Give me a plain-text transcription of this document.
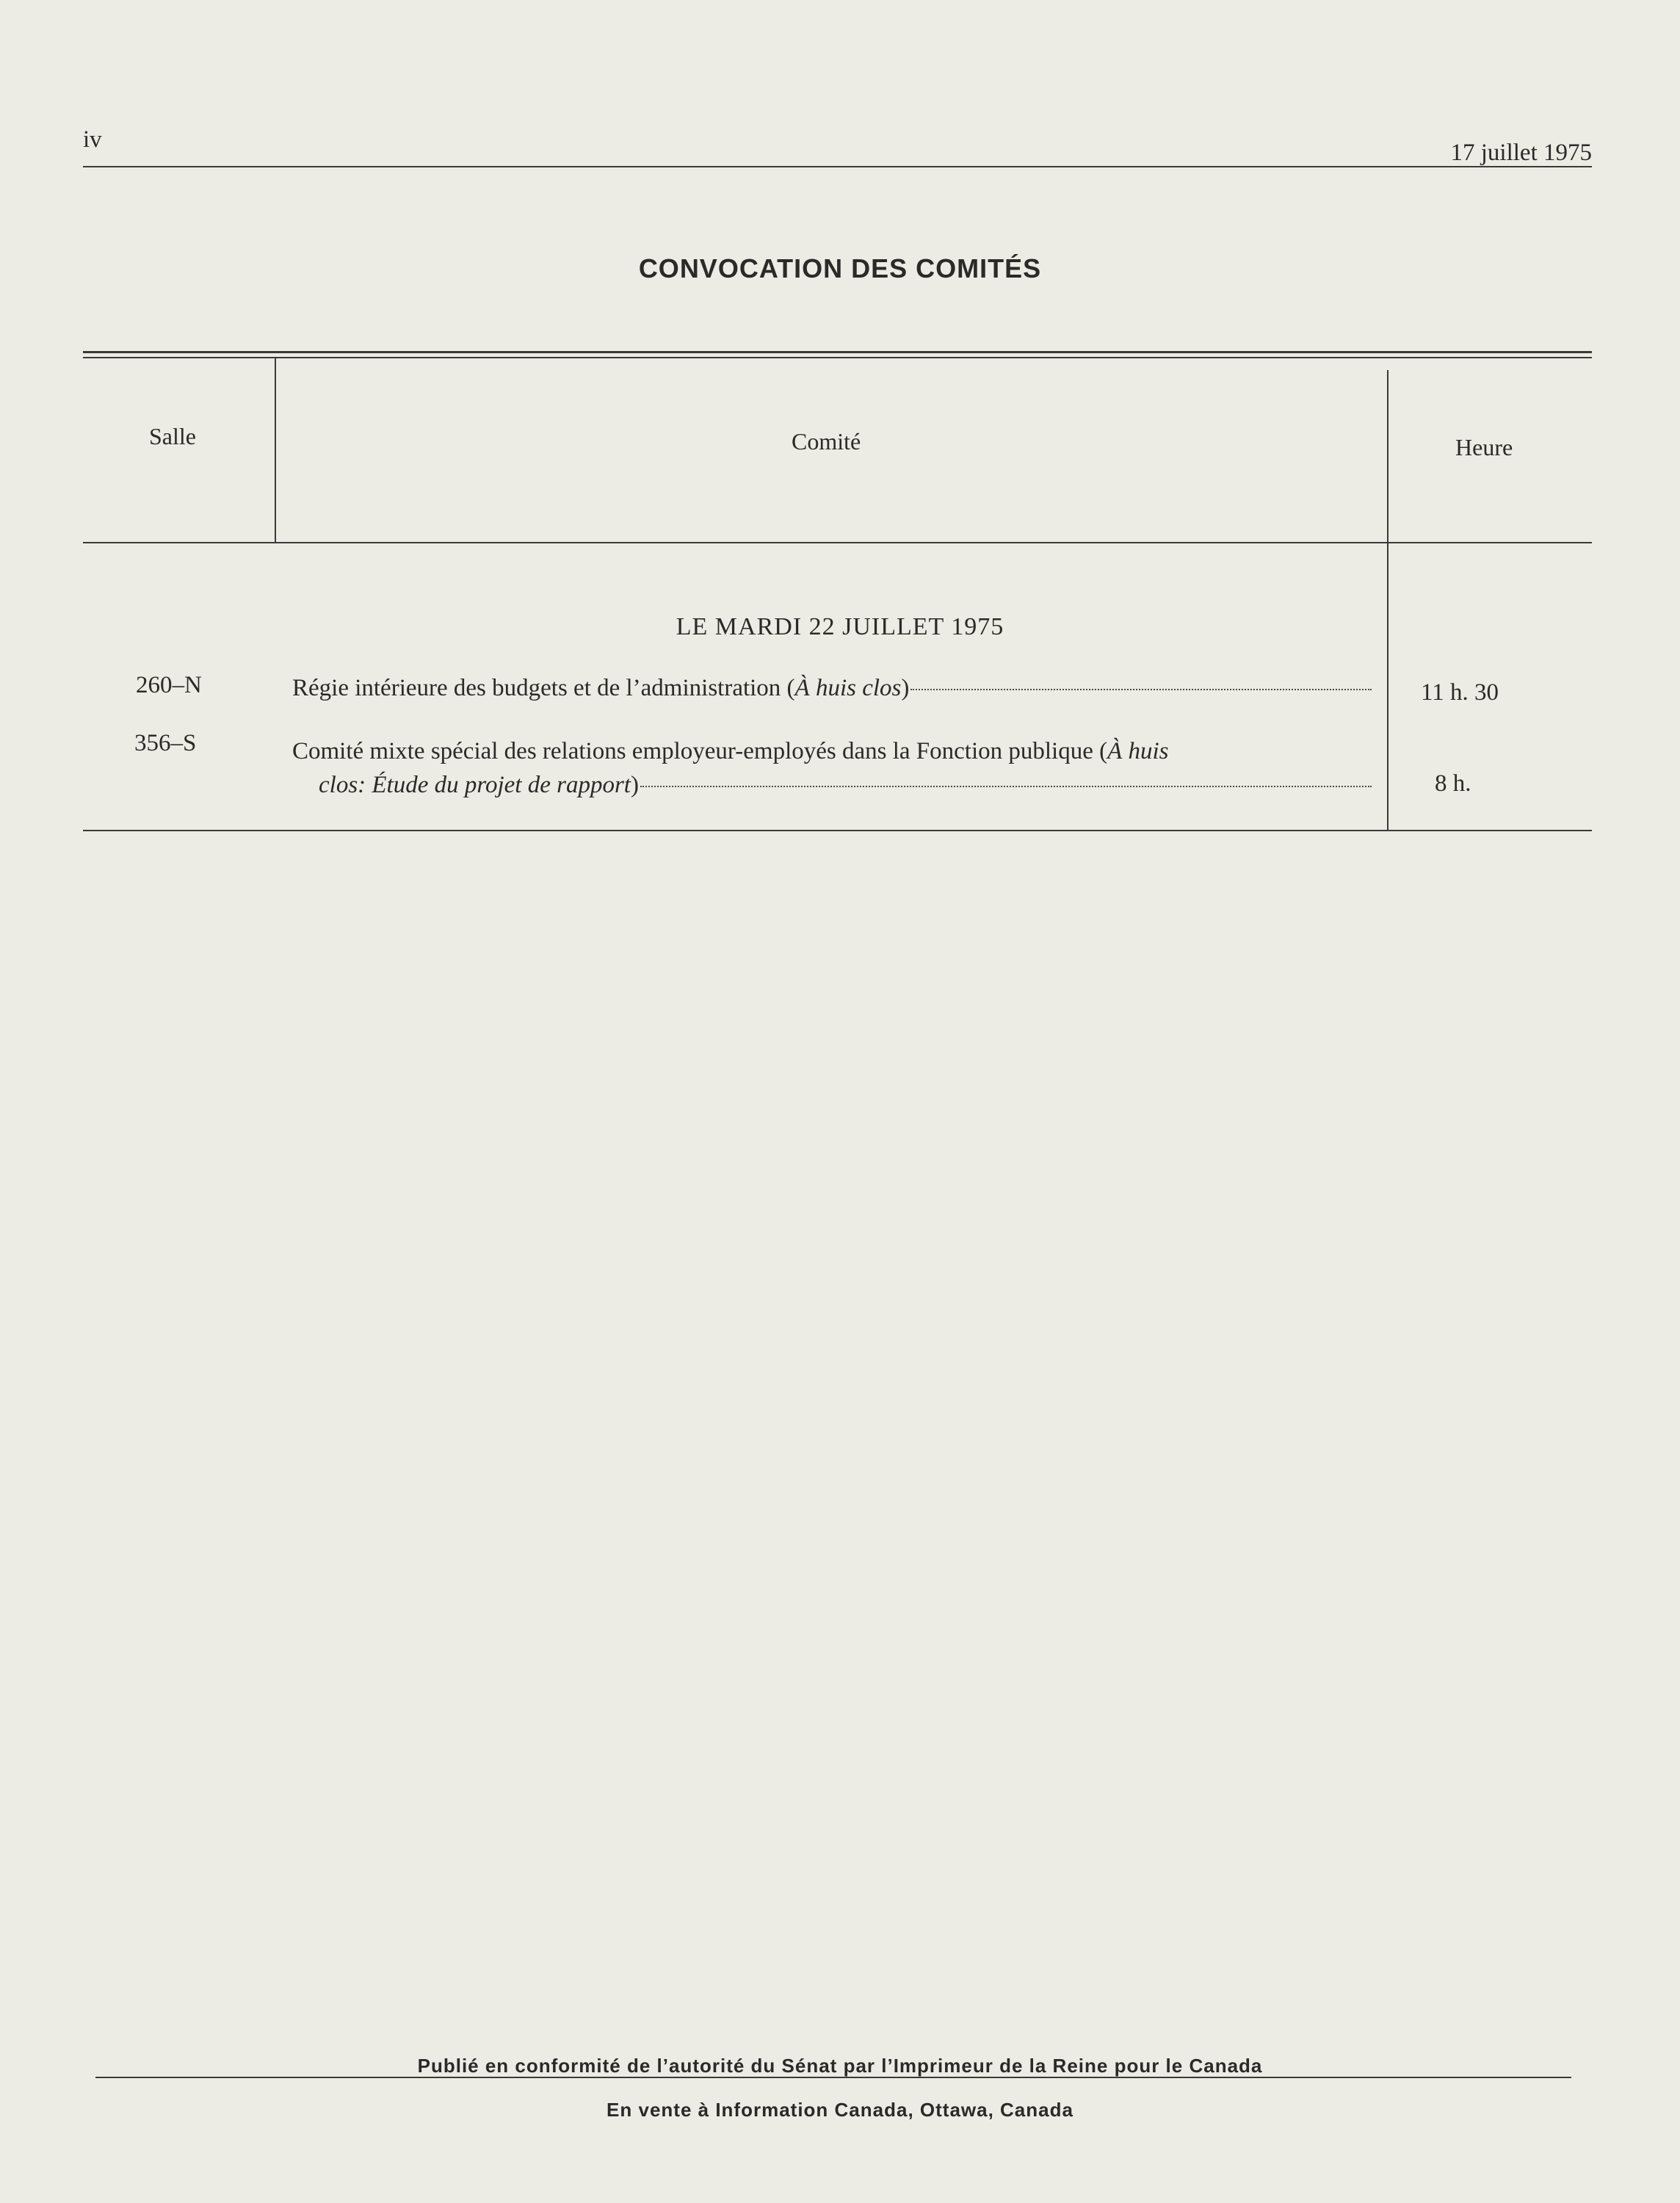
iv	17 juillet 1975
CONVOCATION DES COMITÉS
Salle	Comité	Heure
LE MARDI 22 JUILLET 1975
260–N	Régie intérieure des budgets et de l’administration ( À huis clos )	11 h. 30
356–S	Comité mixte spécial des relations employeur-employés dans la Fonction publique ( À huis
clos: Étude du projet de rapport )	8 h.
Publié en conformité de l’autorité du Sénat par l’Imprimeur de la Reine pour le Canada
En vente à Information Canada, Ottawa, Canada
